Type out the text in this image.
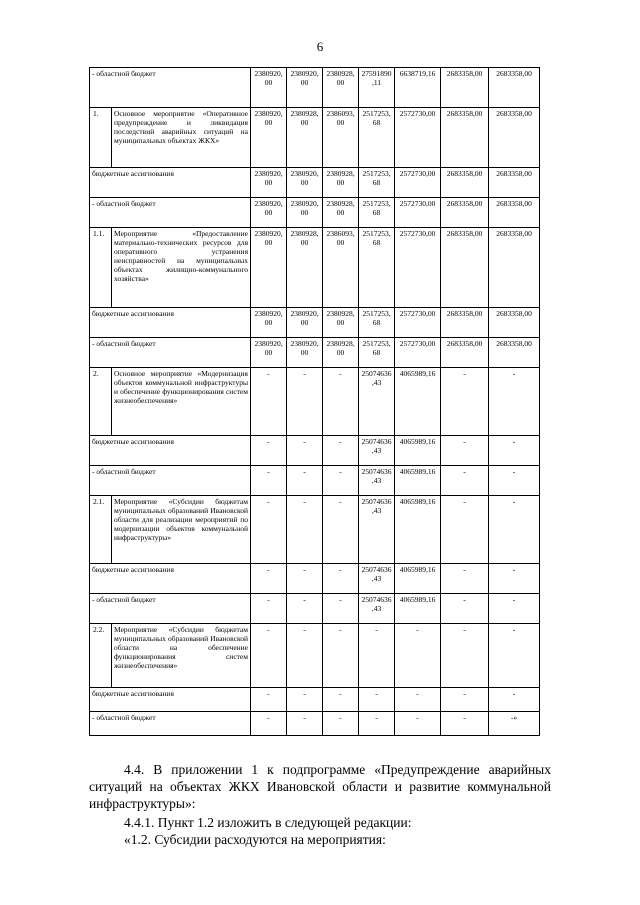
6
- областной бюджет		2380920,00	2380920,00	2380928,00	27591890,11	6638719,16	2683358,00	2683358,00
1.	Основное мероприятие «Оперативное предупреждение и ликвидация последствий аварийных ситуаций на муниципальных объектах ЖКХ»	2380920,00	2380928,00	2386093,00	2517253,68	2572730,00	2683358,00	2683358,00
бюджетные ассигнования		2380920,00	2380920,00	2380928,00	2517253,68	2572730,00	2683358,00	2683358,00
- областной бюджет		2380920,00	2380920,00	2380928,00	2517253,68	2572730,00	2683358,00	2683358,00
1.1.	Мероприятие «Предоставление материально-технических ресурсов для оперативного устранения неисправностей на муниципальных объектах жилищно-коммунального хозяйства»	2380920,00	2380928,00	2386093,00	2517253,68	2572730,00	2683358,00	2683358,00
бюджетные ассигнования		2380920,00	2380920,00	2380928,00	2517253,68	2572730,00	2683358,00	2683358,00
- областной бюджет		2380920,00	2380920,00	2380928,00	2517253,68	2572730,00	2683358,00	2683358,00
2.	Основное мероприятие «Модернизация объектов коммунальной инфраструктуры и обеспечение функционирования систем жизнеобеспечения»	-	-	-	25074636,43	4065989,16	-	-
бюджетные ассигнования		-	-	-	25074636,43	4065989,16	-	-
- областной бюджет		-	-	-	25074636,43	4065989,16	-	-
2.1.	Мероприятие «Субсидии бюджетам муниципальных образований Ивановской области для реализации мероприятий по модернизации объектов коммунальной инфраструктуры»	-	-	-	25074636,43	4065989,16	-	-
бюджетные ассигнования		-	-	-	25074636,43	4065989,16	-	-
- областной бюджет		-	-	-	25074636,43	4065989,16	-	-
2.2.	Мероприятие «Субсидии бюджетам муниципальных образований Ивановской области на обеспечение функционирования систем жизнеобеспечения»	-	-	-	-	-	-	-
бюджетные ассигнования		-	-	-	-	-	-	-
- областной бюджет		-	-	-	-	-	-	-»

4.4. В приложении 1 к подпрограмме «Предупреждение аварийных ситуаций на объектах ЖКХ Ивановской области и развитие коммунальной инфраструктуры»:

4.4.1. Пункт 1.2 изложить в следующей редакции:

«1.2. Субсидии расходуются на мероприятия:
